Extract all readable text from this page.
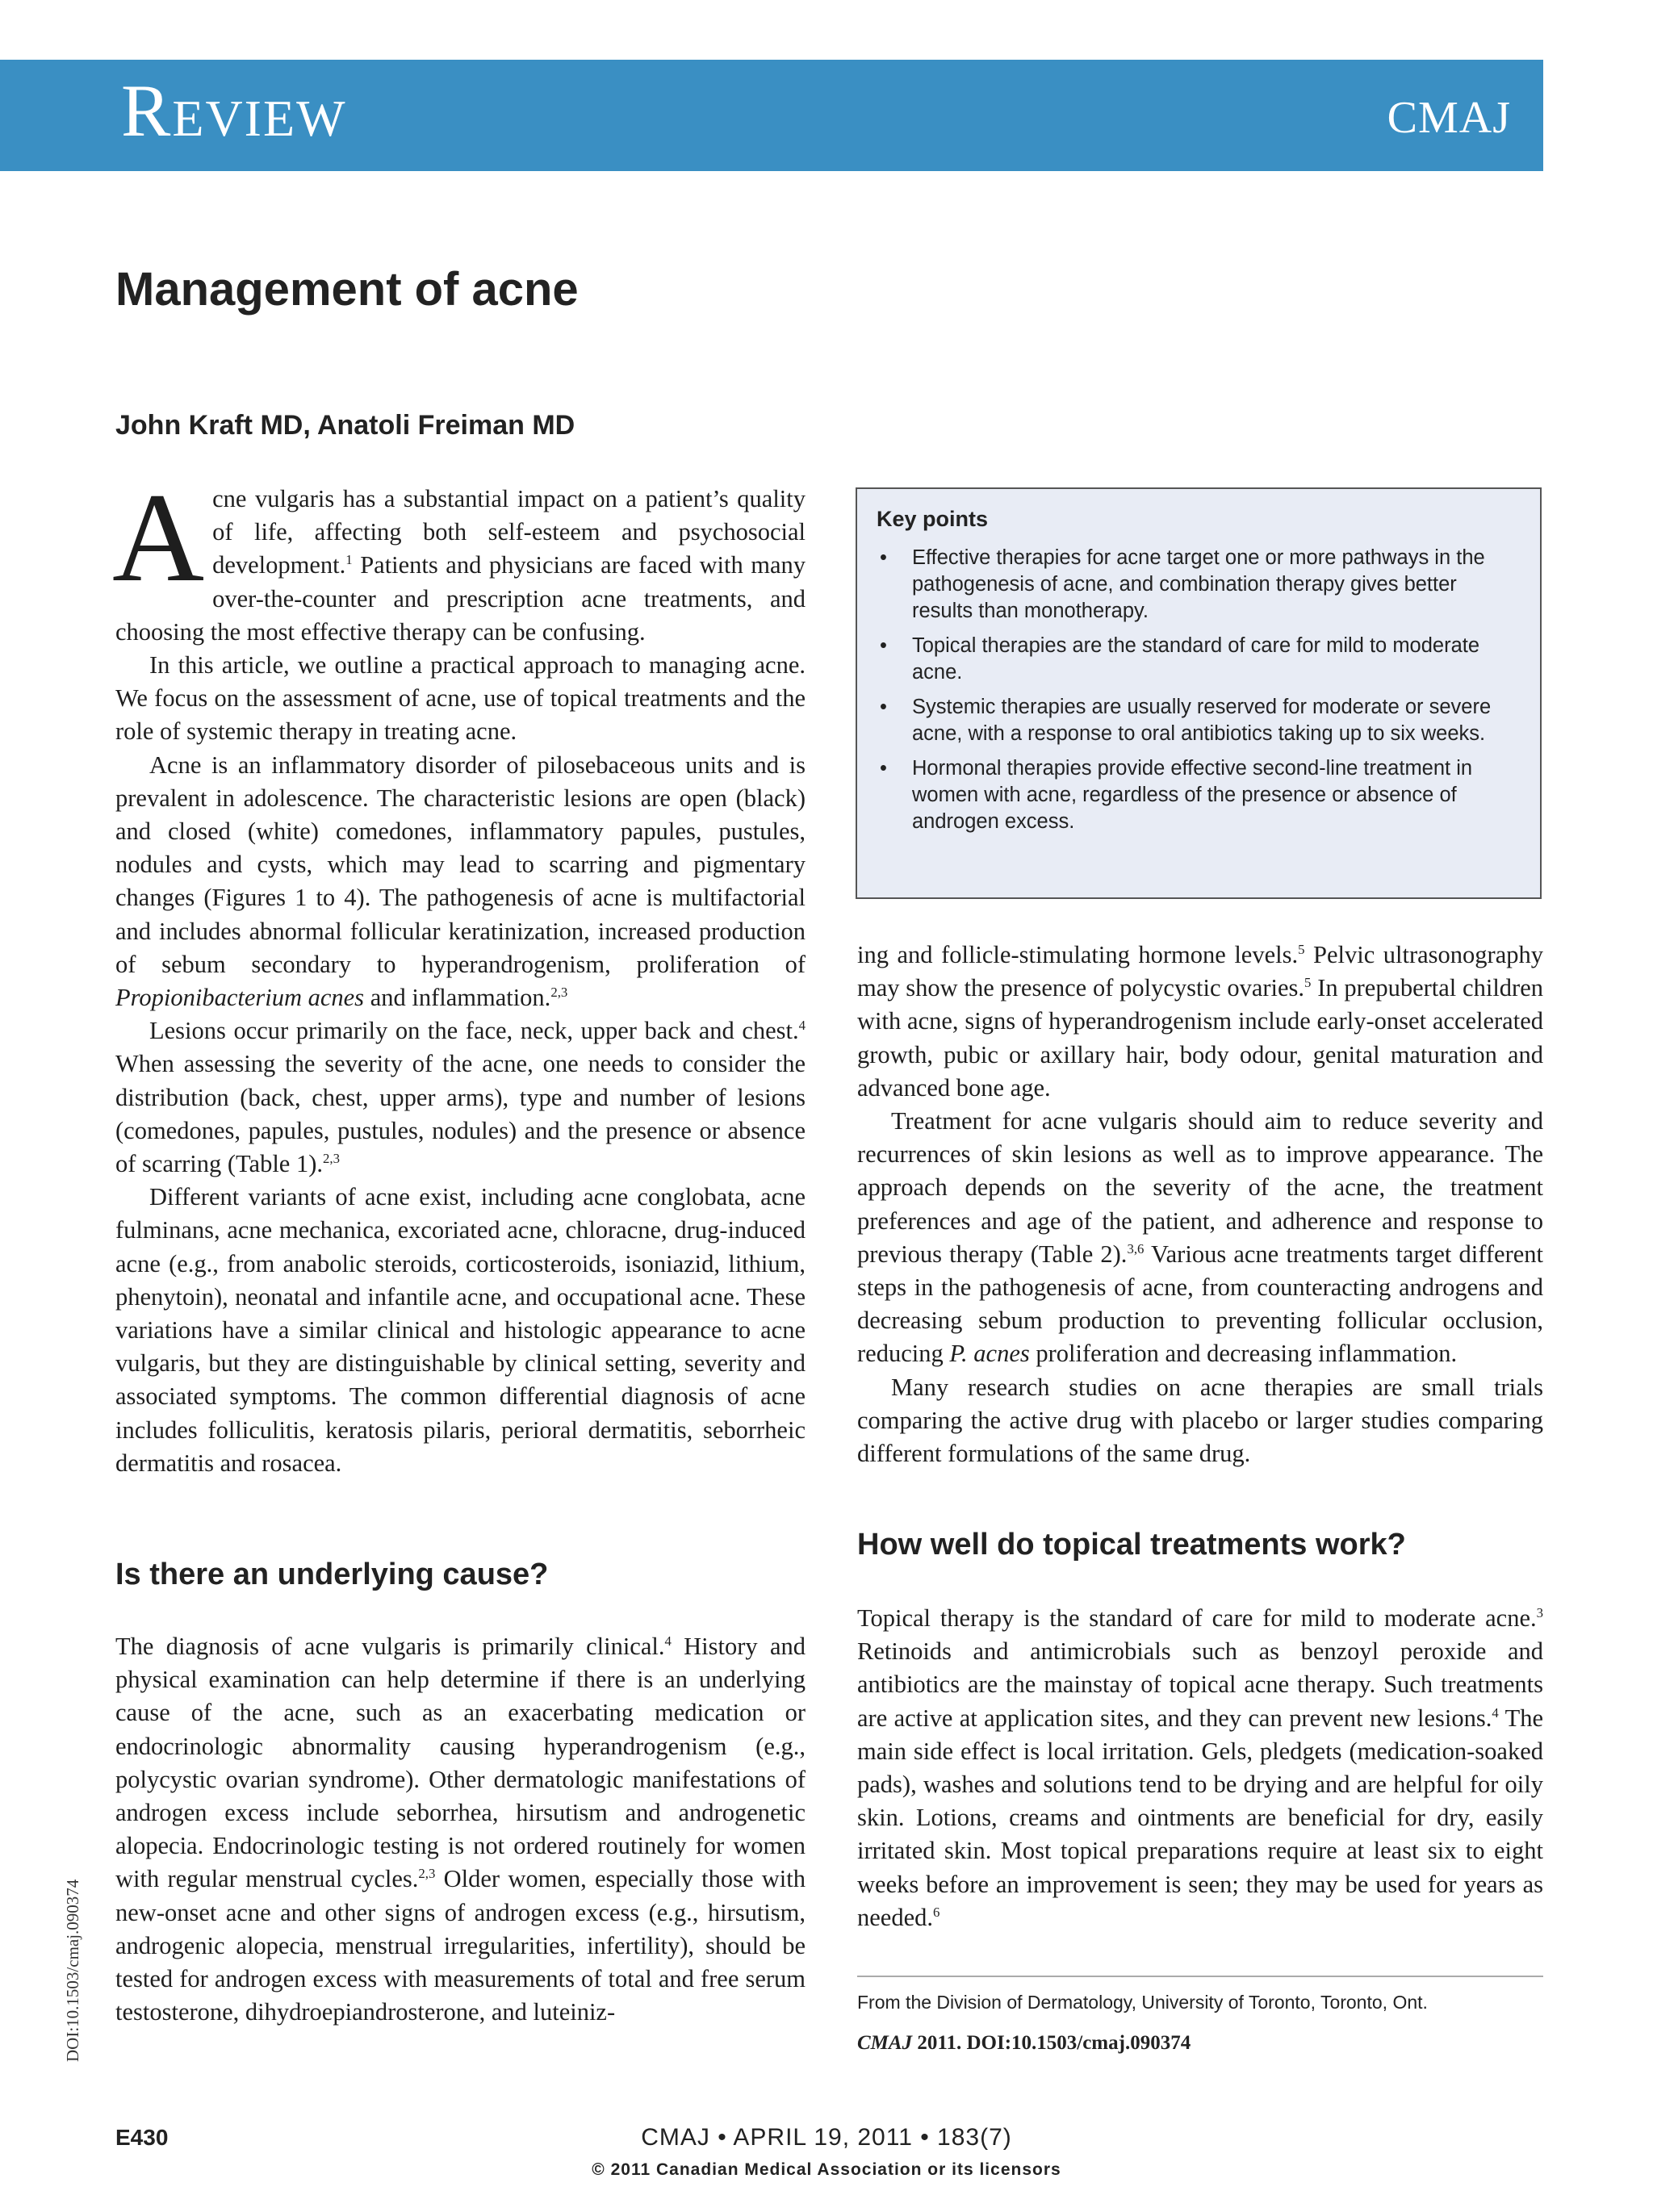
Review	CMAJ
Management of acne
John Kraft MD, Anatoli Freiman MD

Acne vulgaris has a substantial impact on a patient’s quality of life, affecting both self-esteem and psychosocial development.$^1$ Patients and physicians are faced with many over-the-counter and prescription acne treatments, and choosing the most effective therapy can be confusing.

In this article, we outline a practical approach to managing acne. We focus on the assessment of acne, use of topical treatments and the role of systemic therapy in treating acne.

Acne is an inflammatory disorder of pilosebaceous units and is prevalent in adolescence. The characteristic lesions are open (black) and closed (white) comedones, inflammatory papules, pustules, nodules and cysts, which may lead to scarring and pigmentary changes (Figures 1 to 4). The pathogenesis of acne is multifactorial and includes abnormal follicular keratinization, increased production of sebum secondary to hyperandrogenism, proliferation of Propionibacterium acnes and inflammation.$^{2,3}$

Lesions occur primarily on the face, neck, upper back and chest.$^4$ When assessing the severity of the acne, one needs to consider the distribution (back, chest, upper arms), type and number of lesions (comedones, papules, pustules, nodules) and the presence or absence of scarring (Table 1).$^{2,3}$

Different variants of acne exist, including acne conglobata, acne fulminans, acne mechanica, excoriated acne, chloracne, drug-induced acne (e.g., from anabolic steroids, corticosteroids, isoniazid, lithium, phenytoin), neonatal and infantile acne, and occupational acne. These variations have a similar clinical and histologic appearance to acne vulgaris, but they are distinguishable by clinical setting, severity and associated symptoms. The common differential diagnosis of acne includes folliculitis, keratosis pilaris, perioral dermatitis, seborrheic dermatitis and rosacea.

Is there an underlying cause?

The diagnosis of acne vulgaris is primarily clinical.$^4$ History and physical examination can help determine if there is an underlying cause of the acne, such as an exacerbating medication or endocrinologic abnormality causing hyperandrogenism (e.g., polycystic ovarian syndrome). Other dermatologic manifestations of androgen excess include seborrhea, hirsutism and androgenetic alopecia. Endocrinologic testing is not ordered routinely for women with regular menstrual cycles.$^{2,3}$ Older women, especially those with new-onset acne and other signs of androgen excess (e.g., hirsutism, androgenic alopecia, menstrual irregularities, infertility), should be tested for androgen excess with measurements of total and free serum testosterone, dihydroepiandrosterone, and luteiniz-

Key points
• Effective therapies for acne target one or more pathways in the pathogenesis of acne, and combination therapy gives better results than monotherapy.
• Topical therapies are the standard of care for mild to moderate acne.
• Systemic therapies are usually reserved for moderate or severe acne, with a response to oral antibiotics taking up to six weeks.
• Hormonal therapies provide effective second-line treatment in women with acne, regardless of the presence or absence of androgen excess.

ing and follicle-stimulating hormone levels.$^5$ Pelvic ultrasonography may show the presence of polycystic ovaries.$^5$ In prepubertal children with acne, signs of hyperandrogenism include early-onset accelerated growth, pubic or axillary hair, body odour, genital maturation and advanced bone age.

Treatment for acne vulgaris should aim to reduce severity and recurrences of skin lesions as well as to improve appearance. The approach depends on the severity of the acne, the treatment preferences and age of the patient, and adherence and response to previous therapy (Table 2).$^{3,6}$ Various acne treatments target different steps in the pathogenesis of acne, from counteracting androgens and decreasing sebum production to preventing follicular occlusion, reducing P. acnes proliferation and decreasing inflammation.

Many research studies on acne therapies are small trials comparing the active drug with placebo or larger studies comparing different formulations of the same drug.

How well do topical treatments work?

Topical therapy is the standard of care for mild to moderate acne.$^3$ Retinoids and antimicrobials such as benzoyl peroxide and antibiotics are the mainstay of topical acne therapy. Such treatments are active at application sites, and they can prevent new lesions.$^4$ The main side effect is local irritation. Gels, pledgets (medication-soaked pads), washes and solutions tend to be drying and are helpful for oily skin. Lotions, creams and ointments are beneficial for dry, easily irritated skin. Most topical preparations require at least six to eight weeks before an improvement is seen; they may be used for years as needed.$^6$

From the Division of Dermatology, University of Toronto, Toronto, Ont.
CMAJ 2011. DOI:10.1503/cmaj.090374
DOI:10.1503/cmaj.090374
E430	CMAJ • APRIL 19, 2011 • 183(7)
© 2011 Canadian Medical Association or its licensors
